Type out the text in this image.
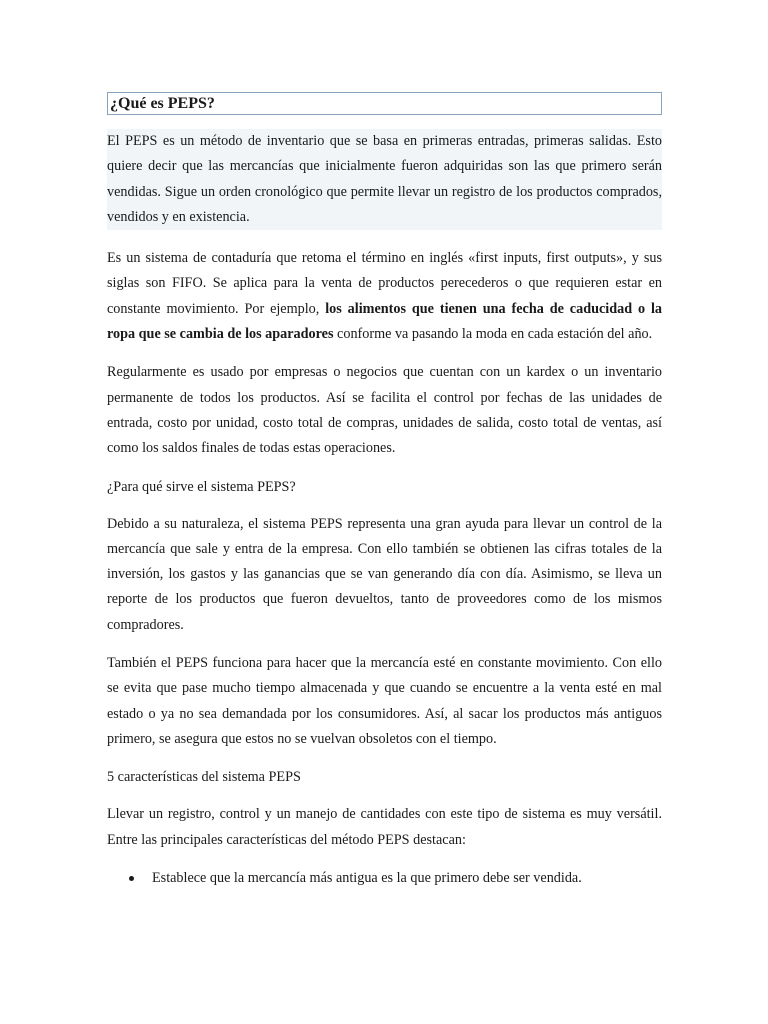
¿Qué es PEPS?

El PEPS es un método de inventario que se basa en primeras entradas, primeras salidas. Esto quiere decir que las mercancías que inicialmente fueron adquiridas son las que primero serán vendidas. Sigue un orden cronológico que permite llevar un registro de los productos comprados, vendidos y en existencia.

Es un sistema de contaduría que retoma el término en inglés «first inputs, first outputs», y sus siglas son FIFO. Se aplica para la venta de productos perecederos o que requieren estar en constante movimiento. Por ejemplo, los alimentos que tienen una fecha de caducidad o la ropa que se cambia de los aparadores conforme va pasando la moda en cada estación del año.

Regularmente es usado por empresas o negocios que cuentan con un kardex o un inventario permanente de todos los productos. Así se facilita el control por fechas de las unidades de entrada, costo por unidad, costo total de compras, unidades de salida, costo total de ventas, así como los saldos finales de todas estas operaciones.

¿Para qué sirve el sistema PEPS?

Debido a su naturaleza, el sistema PEPS representa una gran ayuda para llevar un control de la mercancía que sale y entra de la empresa. Con ello también se obtienen las cifras totales de la inversión, los gastos y las ganancias que se van generando día con día. Asimismo, se lleva un reporte de los productos que fueron devueltos, tanto de proveedores como de los mismos compradores.

También el PEPS funciona para hacer que la mercancía esté en constante movimiento. Con ello se evita que pase mucho tiempo almacenada y que cuando se encuentre a la venta esté en mal estado o ya no sea demandada por los consumidores. Así, al sacar los productos más antiguos primero, se asegura que estos no se vuelvan obsoletos con el tiempo.

5 características del sistema PEPS

Llevar un registro, control y un manejo de cantidades con este tipo de sistema es muy versátil. Entre las principales características del método PEPS destacan:

Establece que la mercancía más antigua es la que primero debe ser vendida.
